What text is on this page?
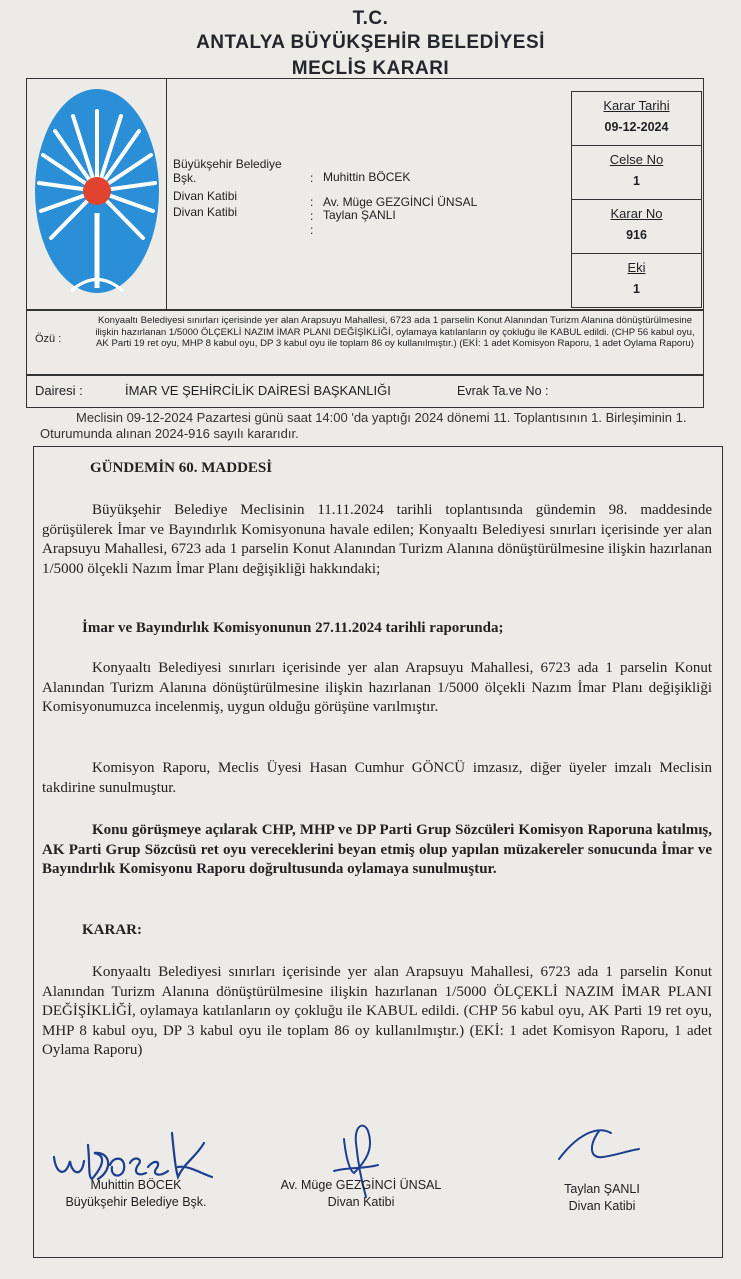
T.C.
ANTALYA BÜYÜKŞEHİR BELEDİYESİ
MECLİS KARARI
Büyükşehir Belediye Bşk.	: Muhittin BÖCEK
Divan Katibi	: Av. Müge GEZGİNCİ ÜNSAL
Divan Katibi	: Taylan ŞANLI
:
Karar Tarihi
09-12-2024
Celse No
1
Karar No
916
Eki
1
Özü :
Konyaaltı Belediyesi sınırları içerisinde yer alan Arapsuyu Mahallesi, 6723 ada 1 parselin Konut Alanından Turizm Alanına dönüştürülmesine ilişkin hazırlanan 1/5000 ÖLÇEKLİ NAZIM İMAR PLANI DEĞİŞİKLİĞİ, oylamaya katılanların oy çokluğu ile KABUL edildi. (CHP 56 kabul oyu, AK Parti 19 ret oyu, MHP 8 kabul oyu, DP 3 kabul oyu ile toplam 86 oy kullanılmıştır.) (EKİ: 1 adet Komisyon Raporu, 1 adet Oylama Raporu)
Dairesi :	İMAR VE ŞEHİRCİLİK DAİRESİ BAŞKANLIĞI	Evrak Ta.ve No :
Meclisin 09-12-2024 Pazartesi günü saat 14:00 'da yaptığı 2024 dönemi 11. Toplantısının 1. Birleşiminin 1. Oturumunda alınan 2024-916 sayılı kararıdır.
GÜNDEMİN 60. MADDESİ
Büyükşehir Belediye Meclisinin 11.11.2024 tarihli toplantısında gündemin 98. maddesinde görüşülerek İmar ve Bayındırlık Komisyonuna havale edilen; Konyaaltı Belediyesi sınırları içerisinde yer alan Arapsuyu Mahallesi, 6723 ada 1 parselin Konut Alanından Turizm Alanına dönüştürülmesine ilişkin hazırlanan 1/5000 ölçekli Nazım İmar Planı değişikliği hakkındaki;
İmar ve Bayındırlık Komisyonunun 27.11.2024 tarihli raporunda;
Konyaaltı Belediyesi sınırları içerisinde yer alan Arapsuyu Mahallesi, 6723 ada 1 parselin Konut Alanından Turizm Alanına dönüştürülmesine ilişkin hazırlanan 1/5000 ölçekli Nazım İmar Planı değişikliği Komisyonumuzca incelenmiş, uygun olduğu görüşüne varılmıştır.
Komisyon Raporu, Meclis Üyesi Hasan Cumhur GÖNCÜ imzasız, diğer üyeler imzalı Meclisin takdirine sunulmuştur.
Konu görüşmeye açılarak CHP, MHP ve DP Parti Grup Sözcüleri Komisyon Raporuna katılmış, AK Parti Grup Sözcüsü ret oyu vereceklerini beyan etmiş olup yapılan müzakereler sonucunda İmar ve Bayındırlık Komisyonu Raporu doğrultusunda oylamaya sunulmuştur.
KARAR:
Konyaaltı Belediyesi sınırları içerisinde yer alan Arapsuyu Mahallesi, 6723 ada 1 parselin Konut Alanından Turizm Alanına dönüştürülmesine ilişkin hazırlanan 1/5000 ÖLÇEKLİ NAZIM İMAR PLANI DEĞİŞİKLİĞİ, oylamaya katılanların oy çokluğu ile KABUL edildi. (CHP 56 kabul oyu, AK Parti 19 ret oyu, MHP 8 kabul oyu, DP 3 kabul oyu ile toplam 86 oy kullanılmıştır.) (EKİ: 1 adet Komisyon Raporu, 1 adet Oylama Raporu)
Muhittin BÖCEK
Büyükşehir Belediye Bşk.
Av. Müge GEZGİNCİ ÜNSAL
Divan Katibi
Taylan ŞANLI
Divan Katibi
